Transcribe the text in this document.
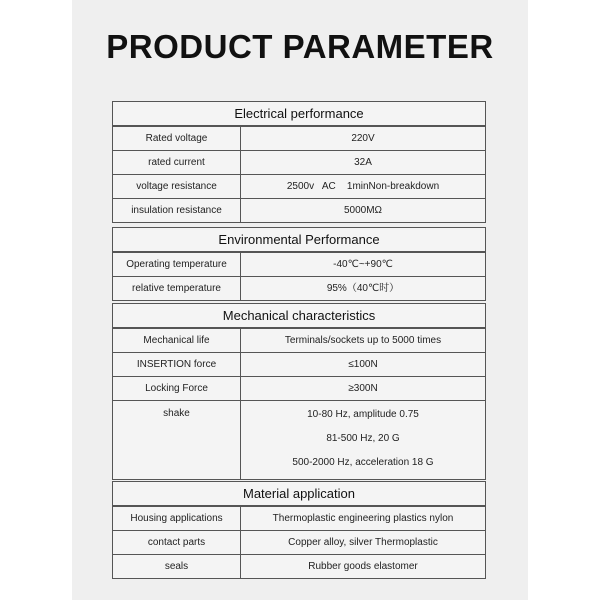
PRODUCT PARAMETER
Electrical performance
Rated voltage	220V
rated current	32A
voltage resistance	2500v   AC    1minNon-breakdown
insulation resistance	5000MΩ
Environmental Performance
Operating temperature	-40℃~+90℃
relative temperature	95%（40℃时）
Mechanical characteristics
Mechanical life	Terminals/sockets up to 5000 times
INSERTION force	≤100N
Locking Force	≥300N
shake	10-80 Hz, amplitude 0.75
81-500 Hz, 20 G
500-2000 Hz, acceleration 18 G
Material application
Housing applications	Thermoplastic engineering plastics nylon
contact parts	Copper alloy, silver Thermoplastic
seals	Rubber goods elastomer
